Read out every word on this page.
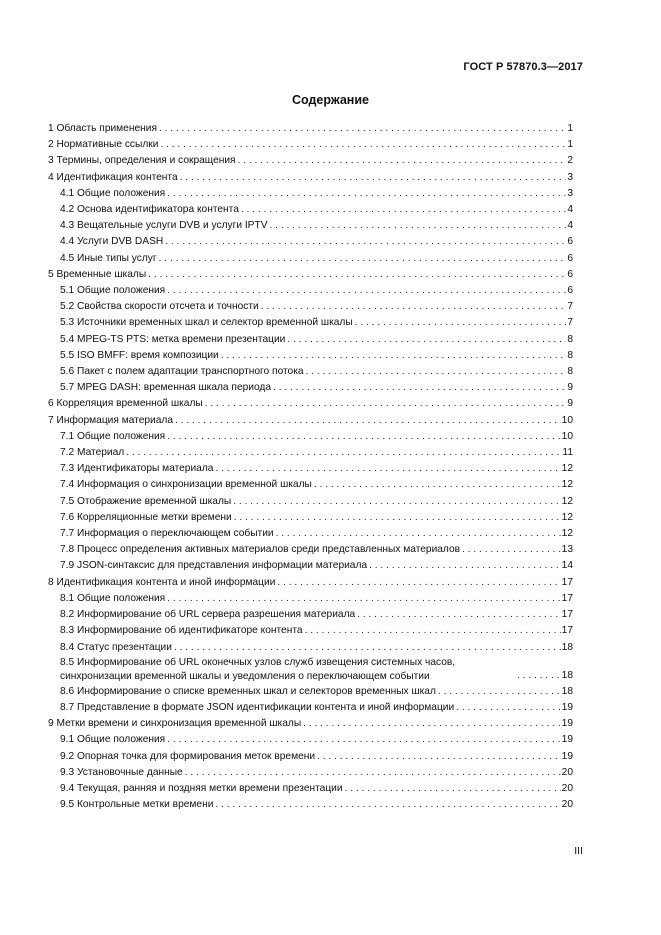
ГОСТ Р 57870.3—2017
Содержание
1 Область применения . . .	1
2 Нормативные ссылки . . .	1
3 Термины, определения и сокращения . . .	2
4 Идентификация контента . . .	3
4.1 Общие положения . . .	3
4.2 Основа идентификатора контента . . .	4
4.3 Вещательные услуги DVB и услуги IPTV . . .	4
4.4 Услуги DVB DASH . . .	6
4.5 Иные типы услуг . . .	6
5 Временные шкалы . . .	6
5.1 Общие положения . . .	6
5.2 Свойства скорости отсчета и точности . . .	7
5.3 Источники временных шкал и селектор временной шкалы . . .	7
5.4 MPEG-TS PTS: метка времени презентации . . .	8
5.5 ISO BMFF: время композиции . . .	8
5.6 Пакет с полем адаптации транспортного потока . . .	8
5.7 MPEG DASH: временная шкала периода . . .	9
6 Корреляция временной шкалы . . .	9
7 Информация материала . . .	10
7.1 Общие положения . . .	10
7.2 Материал . . .	11
7.3 Идентификаторы материала . . .	12
7.4 Информация о синхронизации временной шкалы . . .	12
7.5 Отображение временной шкалы . . .	12
7.6 Корреляционные метки времени . . .	12
7.7 Информация о переключающем событии . . .	12
7.8 Процесс определения активных материалов среди представленных материалов . . .	13
7.9 JSON-синтаксис для представления информации материала . . .	14
8 Идентификация контента и иной информации . . .	17
8.1 Общие положения . . .	17
8.2 Информирование об URL сервера разрешения материала . . .	17
8.3 Информирование об идентификаторе контента . . .	17
8.4 Статус презентации . . .	18
8.5 Информирование об URL оконечных узлов служб извещения системных часов, синхронизации временной шкалы и уведомления о переключающем событии . . .	18
8.6 Информирование о списке временных шкал и селекторов временных шкал . . .	18
8.7 Представление в формате JSON идентификации контента и иной информации . . .	19
9 Метки времени и синхронизация временной шкалы . . .	19
9.1 Общие положения . . .	19
9.2 Опорная точка для формирования меток времени . . .	19
9.3 Установочные данные . . .	20
9.4 Текущая, ранняя и поздняя метки времени презентации . . .	20
9.5 Контрольные метки времени . . .	20
III
